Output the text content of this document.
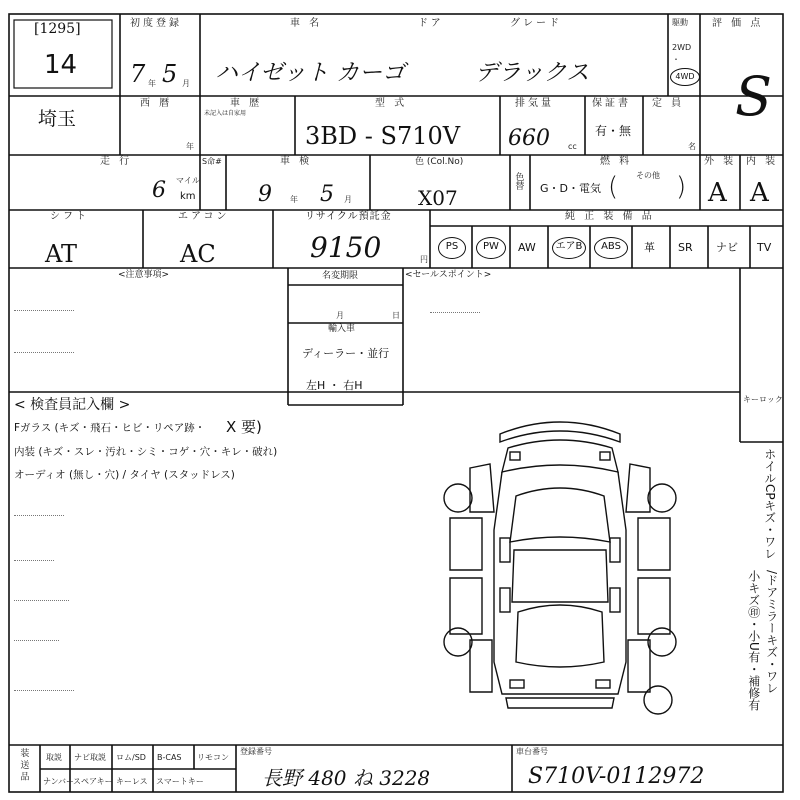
[1295]
14
初度登録
7 年 5 月
車 名	ドア	グレード
ハイゼット カーゴ	デラックス
駆動
2WD
・
4WD
評 価 点
S
埼玉
西 暦
年
車 歴
未記入は自家用
型 式
3BD - S710V
排気量
660 cc
保証書
有・無
定 員
名
走 行
6 マイル
km
S命#	車 検
9 年 5 月
色 (Col.No)
X07
色替
燃 料
G・D・電気 ( その他 )
外 装 内 装
A A
シフト
AT
エアコン
AC
リサイクル預託金
9150	円
純 正 装 備 品
PS	PW	AW	エアB	ABS	革 SR ナビ TV
<注意事項>	名変期限
月	日
輸入車
ディーラー・並行
左H ・ 右H
<セールスポイント>
< 検査員記入欄 >
Fガラス (キズ・飛石・ヒビ・リペア跡・ X 要)
内装 (キズ・スレ・汚れ・シミ・コゲ・穴・キレ・破れ)
オーディオ (無し・穴) / タイヤ (スタッドレス)
キーロック
ホイルCPキズ・ワレ
/ドアミラーキズ・ワレ
小キズ㊞・小U有・補修有
装 送 品 取説 ナビ取説 ロム/SD B-CAS リモコン
ナンバー
スペアキー キーレス スマートキー
登録番号
長野 480 ね 3228
車台番号
S710V-0112972
